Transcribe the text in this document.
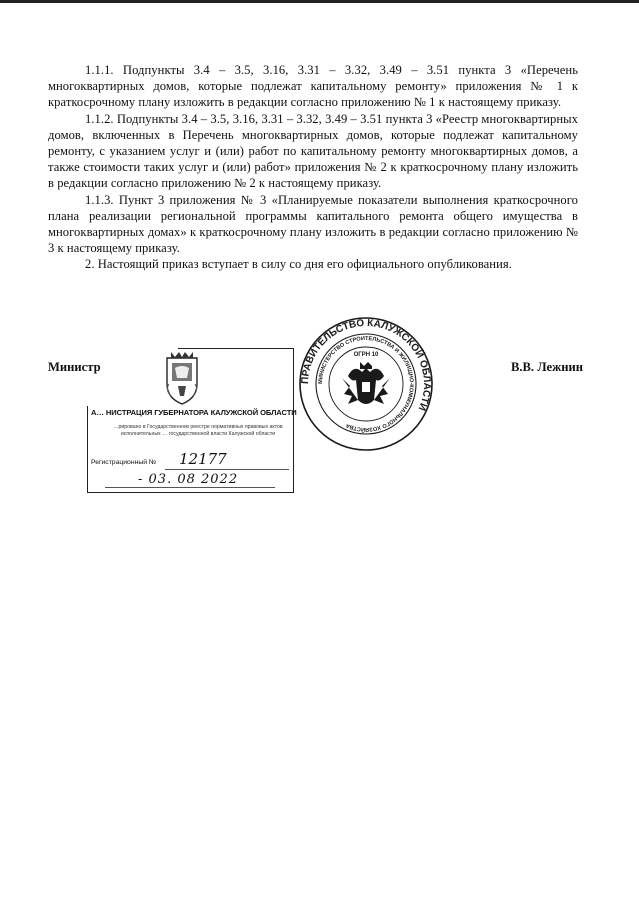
1.1.1. Подпункты 3.4 – 3.5, 3.16, 3.31 – 3.32, 3.49 – 3.51 пункта 3 «Перечень многоквартирных домов, которые подлежат капитальному ремонту» приложения № 1 к краткосрочному плану изложить в редакции согласно приложению № 1 к настоящему приказу.

1.1.2. Подпункты 3.4 – 3.5, 3.16, 3.31 – 3.32, 3.49 – 3.51 пункта 3 «Реестр многоквартирных домов, включенных в Перечень многоквартирных домов, которые подлежат капитальному ремонту, с указанием услуг и (или) работ по капитальному ремонту многоквартирных домов, а также стоимости таких услуг и (или) работ» приложения № 2 к краткосрочному плану изложить в редакции согласно приложению № 2 к настоящему приказу.

1.1.3. Пункт 3 приложения № 3 «Планируемые показатели выполнения краткосрочного плана реализации региональной программы капитального ремонта общего имущества в многоквартирных домах» к краткосрочному плану изложить в редакции согласно приложению № 3 к настоящему приказу.

2. Настоящий приказ вступает в силу со дня его официального опубликования.

Министр	В.В. Лежнин
А… НИСТРАЦИЯ ГУБЕРНАТОРА КАЛУЖСКОЙ ОБЛАСТИ
…рировано в Государственном реестре нормативных правовых актов исполнительных … государственной власти Калужской области
Регистрационный № 12177
- 03. 08 2022
ПРАВИТЕЛЬСТВО КАЛУЖСКОЙ ОБЛАСТИ
МИНИСТЕРСТВО СТРОИТЕЛЬСТВА И ЖИЛИЩНО-КОММУНАЛЬНОГО ХОЗЯЙСТВА
ОГРН 10
